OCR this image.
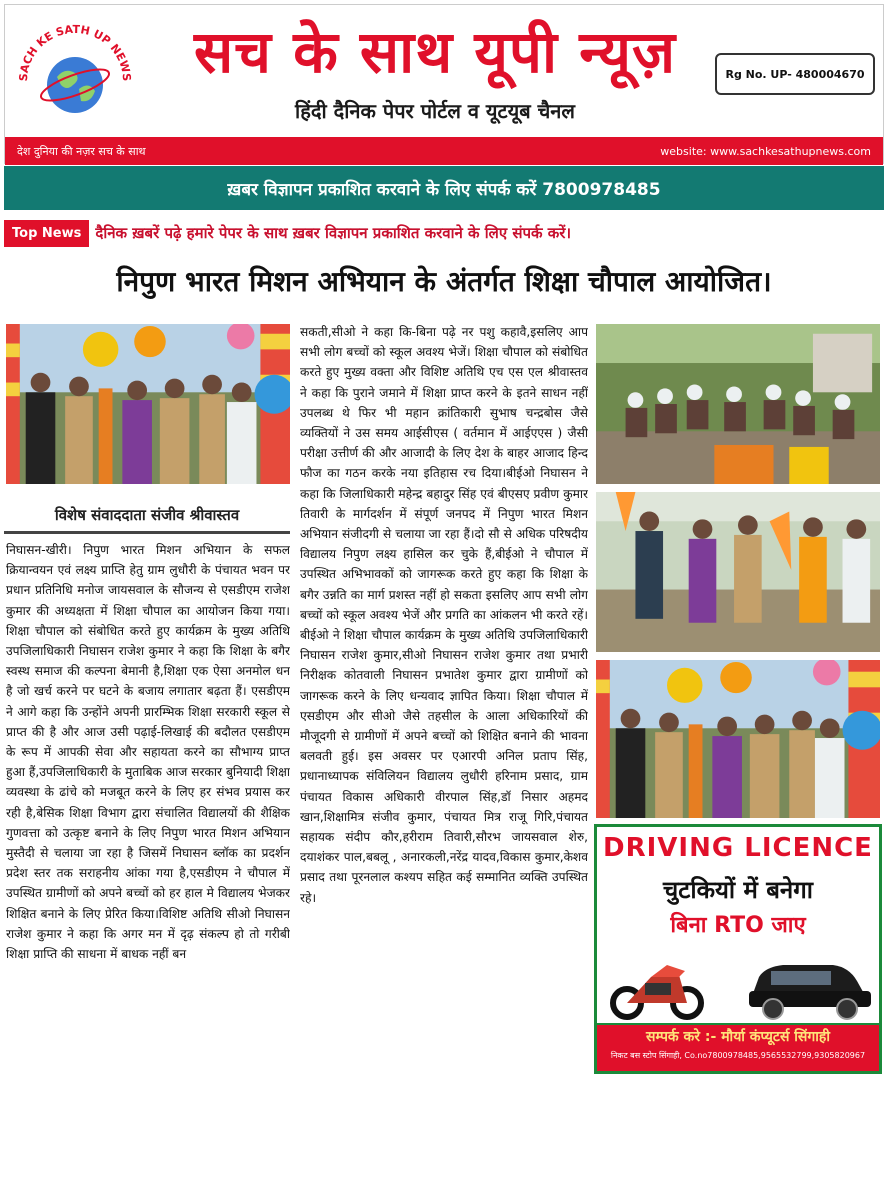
SACH KE SATH UP NEWS	सच के साथ यूपी न्यूज़
हिंदी दैनिक पेपर पोर्टल व यूटयूब चैनल
Rg No. UP- 480004670
देश दुनिया की नज़र सच के साथ	website: www.sachkesathupnews.com
ख़बर विज्ञापन प्रकाशित करवाने के लिए संपर्क करें 7800978485
Top News दैनिक ख़बरें पढ़े हमारे पेपर के साथ ख़बर विज्ञापन प्रकाशित करवाने के लिए संपर्क करें।
निपुण भारत मिशन अभियान के अंतर्गत शिक्षा चौपाल आयोजित।
विशेष संवाददाता संजीव श्रीवास्तव
निघासन-खीरी। निपुण भारत मिशन अभियान के सफल क्रियान्वयन एवं लक्ष्य प्राप्ति हेतु ग्राम लुधौरी के पंचायत भवन पर प्रधान प्रतिनिधि मनोज जायसवाल के सौजन्य से एसडीएम राजेश कुमार की अध्यक्षता में शिक्षा चौपाल का आयोजन किया गया। शिक्षा चौपाल को संबोधित करते हुए कार्यक्रम के मुख्य अतिथि उपजिलाधिकारी निघासन राजेश कुमार ने कहा कि शिक्षा के बगैर स्वस्थ समाज की कल्पना बेमानी है,शिक्षा एक ऐसा अनमोल धन है जो खर्च करने पर घटने के बजाय लगातार बढ़ता हैं। एसडीएम ने आगे कहा कि उन्होंने अपनी प्रारम्भिक शिक्षा सरकारी स्कूल से प्राप्त की है और आज उसी पढ़ाई-लिखाई की बदौलत एसडीएम के रूप में आपकी सेवा और सहायता करने का सौभाग्य प्राप्त हुआ हैं,उपजिलाधिकारी के मुताबिक आज सरकार बुनियादी शिक्षा व्यवस्था के ढांचे को मजबूत करने के लिए हर संभव प्रयास कर रही है,बेसिक शिक्षा विभाग द्वारा संचालित विद्यालयों की शैक्षिक गुणवत्ता को उत्कृष्ट बनाने के लिए निपुण भारत मिशन अभियान मुस्तैदी से चलाया जा रहा है जिसमें निघासन ब्लॉक का प्रदर्शन प्रदेश स्तर तक सराहनीय आंका गया है,एसडीएम ने चौपाल में उपस्थित ग्रामीणों को अपने बच्चों को हर हाल मे विद्यालय भेजकर शिक्षित बनाने के लिए प्रेरित किया।विशिष्ट अतिथि सीओ निघासन राजेश कुमार ने कहा कि अगर मन में दृढ़ संकल्प हो तो गरीबी शिक्षा प्राप्ति की साधना में बाधक नहीं बन
सकती,सीओ ने कहा कि-बिना पढ़े नर पशु कहावै,इसलिए आप सभी लोग बच्चों को स्कूल अवश्य भेजें। शिक्षा चौपाल को संबोधित करते हुए मुख्य वक्ता और विशिष्ट अतिथि एच एस एल श्रीवास्तव ने कहा कि पुराने जमाने में शिक्षा प्राप्त करने के इतने साधन नहीं उपलब्ध थे फिर भी महान क्रांतिकारी सुभाष चन्द्रबोस जैसे व्यक्तियों ने उस समय आईसीएस ( वर्तमान में आईएएस ) जैसी परीक्षा उत्तीर्ण की और आजादी के लिए देश के बाहर आजाद हिन्द फौज का गठन करके नया इतिहास रच दिया।बीईओ निघासन ने कहा कि जिलाधिकारी महेन्द्र बहादुर सिंह एवं बीएसए प्रवीण कुमार तिवारी के मार्गदर्शन में संपूर्ण जनपद में निपुण भारत मिशन अभियान संजीदगी से चलाया जा रहा हैं।दो सौ से अधिक परिषदीय विद्यालय निपुण लक्ष्य हासिल कर चुके हैं,बीईओ ने चौपाल में उपस्थित अभिभावकों को जागरूक करते हुए कहा कि शिक्षा के बगैर उन्नति का मार्ग प्रशस्त नहीं हो सकता इसलिए आप सभी लोग बच्चों को स्कूल अवश्य भेजें और प्रगति का आंकलन भी करते रहें।बीईओ ने शिक्षा चौपाल कार्यक्रम के मुख्य अतिथि उपजिलाधिकारी निघासन राजेश कुमार,सीओ निघासन राजेश कुमार तथा प्रभारी निरीक्षक कोतवाली निघासन प्रभातेश कुमार द्वारा ग्रामीणों को जागरूक करने के लिए धन्यवाद ज्ञापित किया। शिक्षा चौपाल में एसडीएम और सीओ जैसे तहसील के आला अधिकारियों की मौजूदगी से ग्रामीणों में अपने बच्चों को शिक्षित बनाने की भावना बलवती हुई। इस अवसर पर एआरपी अनिल प्रताप सिंह, प्रधानाध्यापक संविलियन विद्यालय लुधौरी हरिनाम प्रसाद, ग्राम पंचायत विकास अधिकारी वीरपाल सिंह,डॉ निसार अहमद खान,शिक्षामित्र संजीव कुमार, पंचायत मित्र राजू गिरि,पंचायत सहायक संदीप कौर,हरीराम तिवारी,सौरभ जायसवाल शेरु, दयाशंकर पाल,बबलू , अनारकली,नरेंद्र यादव,विकास कुमार,केशव प्रसाद तथा पूरनलाल कश्यप सहित कई सम्मानित व्यक्ति उपस्थित रहे।
DRIVING LICENCE
चुटकियों में बनेगा
बिना RTO जाए
सम्पर्क करे :- मौर्या कंप्यूटर्स सिंगाही
निकट बस स्टोप सिंगाही, Co.no7800978485,9565532799,9305820967
